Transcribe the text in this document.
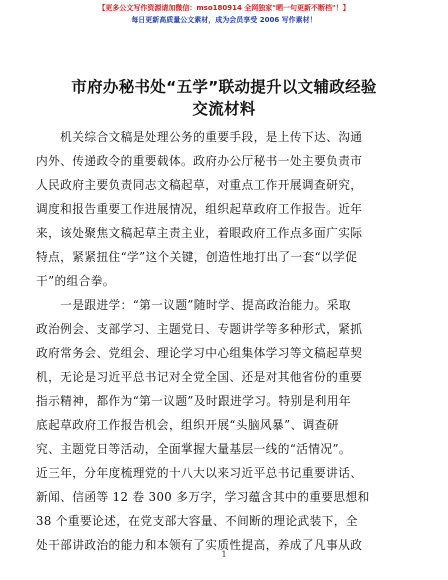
【更多公文写作资源请加微信：mso180914 全网独家"晒一句更新不断档"！】
每日更新高质量公文素材，成为会员享受 2006 写作素材！
市府办秘书处“五学”联动提升以文辅政经验
交流材料
　　机关综合文稿是处理公务的重要手段，是上传下达、沟通
内外、传递政令的重要载体。政府办公厅秘书一处主要负责市
人民政府主要负责同志文稿起草，对重点工作开展调查研究，
调度和报告重要工作进展情况，组织起草政府工作报告。近年
来，该处聚焦文稿起草主责主业，着眼政府工作点多面广实际
特点，紧紧扭住“学”这个关键，创造性地打出了一套“以学促
干”的组合拳。
　　一是跟进学：“第一议题”随时学、提高政治能力。采取
政治例会、支部学习、主题党日、专题讲学等多种形式，紧抓
政府常务会、党组会、理论学习中心组集体学习等文稿起草契
机，无论是习近平总书记对全党全国、还是对其他省份的重要
指示精神，都作为“第一议题”及时跟进学习。特别是利用年
底起草政府工作报告机会，组织开展“头脑风暴”、调查研
究、主题党日等活动，全面掌握大量基层一线的“活情况”。
近三年，分年度梳理党的十八大以来习近平总书记重要讲话、
新闻、信函等 12 卷 300 多万字，学习蕴含其中的重要思想和
38 个重要论述，在党支部大容量、不间断的理论武装下，全
处干部讲政治的能力和本领有了实质性提高，养成了凡事从政
1
